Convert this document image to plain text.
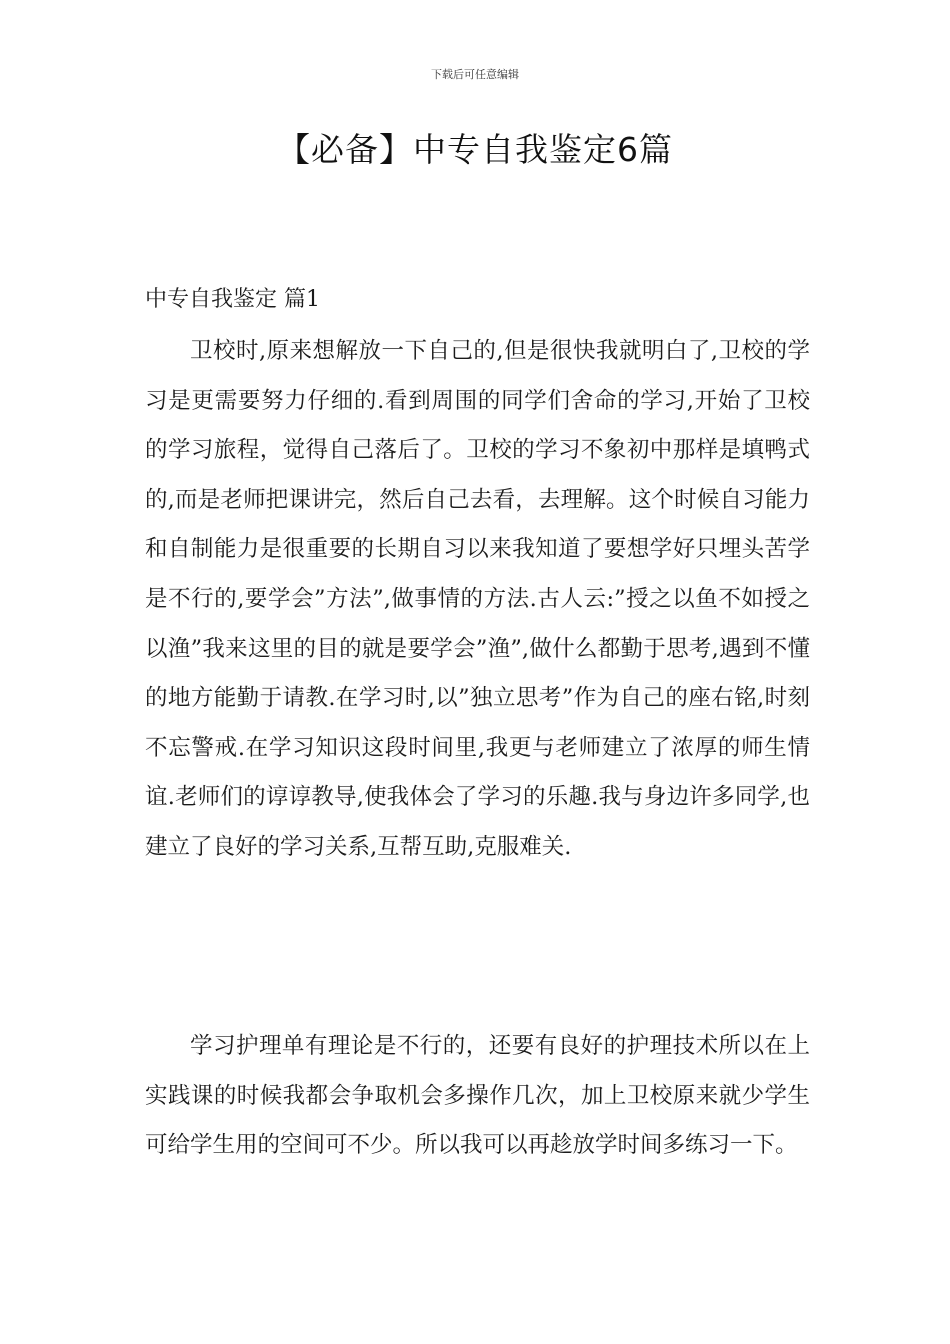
下载后可任意编辑
【必备】中专自我鉴定6篇
中专自我鉴定 篇1

卫校时,原来想解放一下自己的,但是很快我就明白了,卫校的学习是更需要努力仔细的.看到周围的同学们舍命的学习,开始了卫校的学习旅程，觉得自己落后了。卫校的学习不象初中那样是填鸭式的,而是老师把课讲完，然后自己去看，去理解。这个时候自习能力和自制能力是很重要的长期自习以来我知道了要想学好只埋头苦学是不行的,要学会”方法”,做事情的方法.古人云:”授之以鱼不如授之以渔”我来这里的目的就是要学会”渔”,做什么都勤于思考,遇到不懂的地方能勤于请教.在学习时,以”独立思考”作为自己的座右铭,时刻不忘警戒.在学习知识这段时间里,我更与老师建立了浓厚的师生情谊.老师们的谆谆教导,使我体会了学习的乐趣.我与身边许多同学,也建立了良好的学习关系,互帮互助,克服难关.

学习护理单有理论是不行的，还要有良好的护理技术所以在上实践课的时候我都会争取机会多操作几次，加上卫校原来就少学生可给学生用的空间可不少。所以我可以再趁放学时间多练习一下。
